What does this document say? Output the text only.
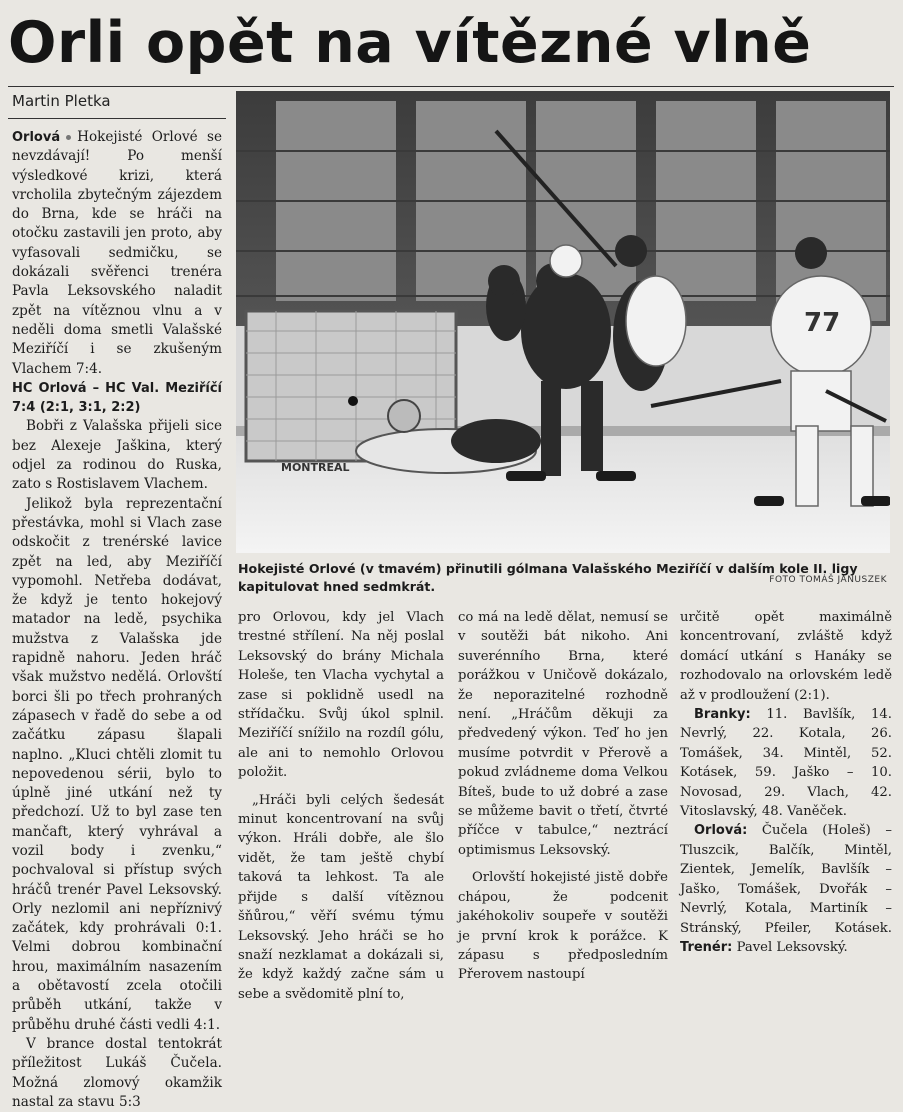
Orli opět na vítězné vlně
Martin Pletka

Orlová Hokejisté Orlové se nevzdávají! Po menší výsledkové krizi, která vrcholila zbytečným zájezdem do Brna, kde se hráči na otočku zastavili jen proto, aby vyfasovali sedmičku, se dokázali svěřenci trenéra Pavla Leksovského naladit zpět na vítěznou vlnu a v neděli doma smetli Valašské Meziříčí i se zkušeným Vlachem 7:4.

HC Orlová – HC Val. Meziříčí 7:4 (2:1, 3:1, 2:2)

Bobři z Valašska přijeli sice bez Alexeje Jaškina, který odjel za rodinou do Ruska, zato s Rostislavem Vlachem.

Jelikož byla reprezentační přestávka, mohl si Vlach zase odskočit z trenérské lavice zpět na led, aby Meziříčí vypomohl. Netřeba dodávat, že když je tento hokejový matador na ledě, psychika mužstva z Valašska jde rapidně nahoru. Jeden hráč však mužstvo nedělá. Orlovští borci šli po třech prohraných zápasech v řadě do sebe a od začátku zápasu šlapali naplno. „Kluci chtěli zlomit tu nepovedenou sérii, bylo to úplně jiné utkání než ty předchozí. Už to byl zase ten mančaft, který vyhrával a vozil body i zvenku,“ pochvaloval si přístup svých hráčů trenér Pavel Leksovský. Orly nezlomil ani nepříznivý začátek, kdy prohrávali 0:1. Velmi dobrou kombinační hrou, maximálním nasazením a obětavostí zcela otočili průběh utkání, takže v průběhu druhé části vedli 4:1.

V brance dostal tentokrát příležitost Lukáš Čučela. Možná zlomový okamžik nastal za stavu 5:3

MONTREAL
77
Hokejisté Orlové (v tmavém) přinutili gólmana Valašského Meziříčí v dalším kole II. ligy kapitulovat hned sedmkrát.	FOTO TOMÁŠ JANUSZEK

pro Orlovou, kdy jel Vlach trestné střílení. Na něj poslal Leksovský do brány Michala Holeše, ten Vlacha vychytal a zase si poklidně usedl na střídačku. Svůj úkol splnil. Meziříčí snížilo na rozdíl gólu, ale ani to nemohlo Orlovou položit.

„Hráči byli celých šedesát minut koncentrovaní na svůj výkon. Hráli dobře, ale šlo vidět, že tam ještě chybí taková ta lehkost. Ta ale přijde s další vítěznou šňůrou,“ věří svému týmu Leksovský. Jeho hráči se ho snaží nezklamat a dokázali si, že když každý začne sám u sebe a svědomitě plní to,

co má na ledě dělat, nemusí se v soutěži bát nikoho. Ani suverénního Brna, které porážkou v Uničově dokázalo, že neporazitelné rozhodně není. „Hráčům děkuji za předvedený výkon. Teď ho jen musíme potvrdit v Přerově a pokud zvládneme doma Velkou Bíteš, bude to už dobré a zase se můžeme bavit o třetí, čtvrté příčce v tabulce,“ neztrácí optimismus Leksovský.

Orlovští hokejisté jistě dobře chápou, že podcenit jakéhokoliv soupeře v soutěži je první krok k porážce. K zápasu s předposledním Přerovem nastoupí

určitě opět maximálně koncentrovaní, zvláště když domácí utkání s Hanáky se rozhodovalo na orlovském ledě až v prodloužení (2:1).

Branky: 11. Bavlšík, 14. Nevrlý, 22. Kotala, 26. Tomášek, 34. Mintěl, 52. Kotásek, 59. Jaško – 10. Novosad, 29. Vlach, 42. Vitoslavský, 48. Vaněček.

Orlová: Čučela (Holeš) – Tluszcik, Balčík, Mintěl, Zientek, Jemelík, Bavlšík – Jaško, Tomášek, Dvořák – Nevrlý, Kotala, Martiník – Stránský, Pfeiler, Kotásek. Trenér: Pavel Leksovský.
